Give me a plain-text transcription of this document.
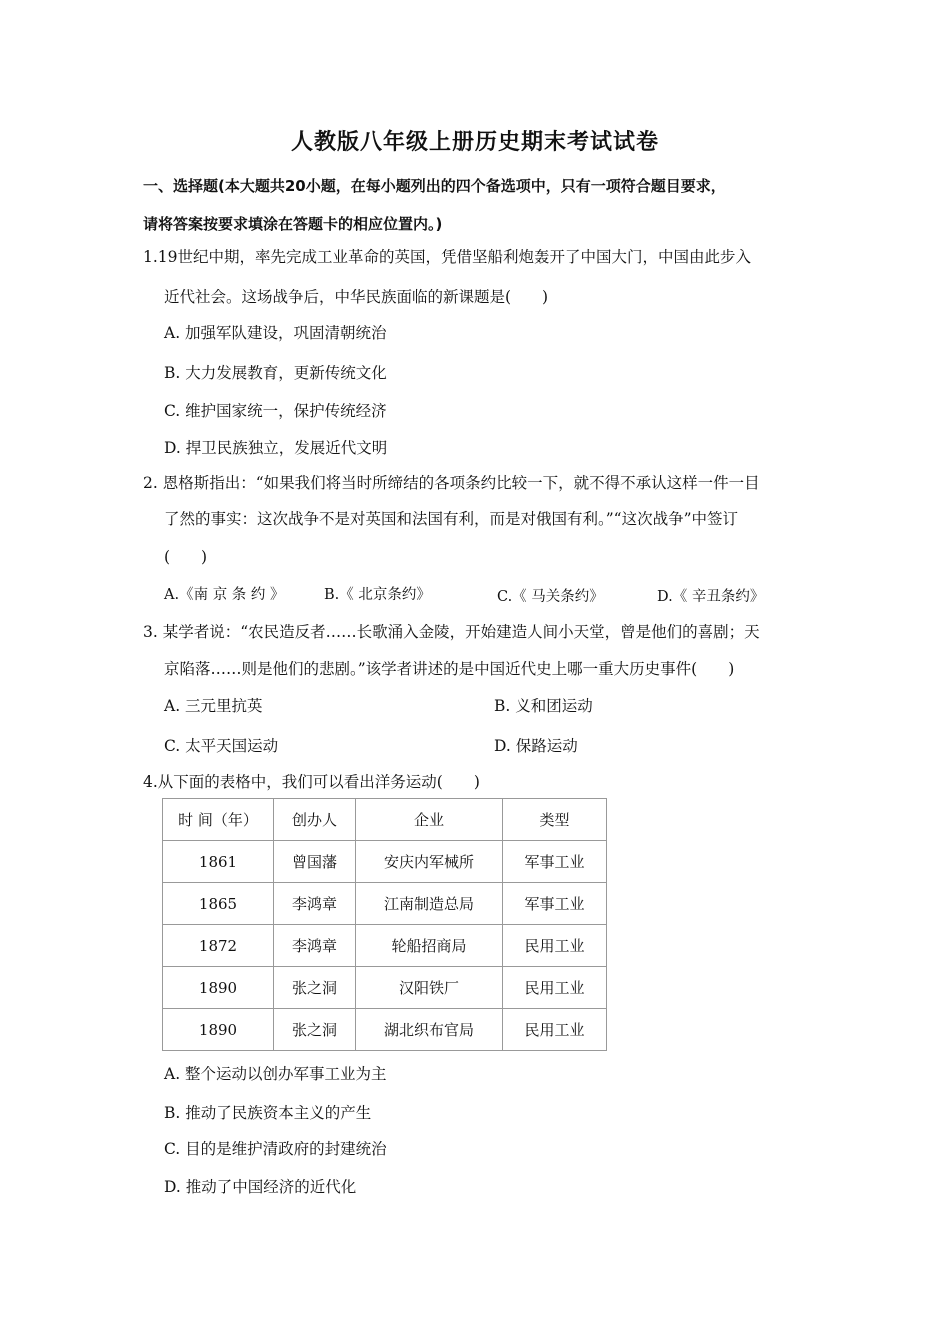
人教版八年级上册历史期末考试试卷
一、选择题(本大题共20小题，在每小题列出的四个备选项中，只有一项符合题目要求，
请将答案按要求填涂在答题卡的相应位置内。)
1.19世纪中期，率先完成工业革命的英国，凭借坚船利炮轰开了中国大门，中国由此步入
近代社会。这场战争后，中华民族面临的新课题是(　　)
A. 加强军队建设，巩固清朝统治
B. 大力发展教育，更新传统文化
C. 维护国家统一，保护传统经济
D. 捍卫民族独立，发展近代文明
2. 恩格斯指出：“如果我们将当时所缔结的各项条约比较一下，就不得不承认这样一件一目
了然的事实：这次战争不是对英国和法国有利，而是对俄国有利。”“这次战争”中签订
(　　)
A.《南 京 条 约 》	B.《 北京条约》	C.《 马关条约》	D.《 辛丑条约》
3. 某学者说：“农民造反者……长歌涌入金陵，开始建造人间小天堂，曾是他们的喜剧；天
京陷落……则是他们的悲剧。”该学者讲述的是中国近代史上哪一重大历史事件(　　)
A. 三元里抗英	B. 义和团运动
C. 太平天国运动	D. 保路运动
4.从下面的表格中，我们可以看出洋务运动(　　)
时 间（年）	创办人	企业	类型
1861	曾国藩	安庆内军械所	军事工业
1865	李鸿章	江南制造总局	军事工业
1872	李鸿章	轮船招商局	民用工业
1890	张之洞	汉阳铁厂	民用工业
1890	张之洞	湖北织布官局	民用工业
A. 整个运动以创办军事工业为主
B. 推动了民族资本主义的产生
C. 目的是维护清政府的封建统治
D. 推动了中国经济的近代化
